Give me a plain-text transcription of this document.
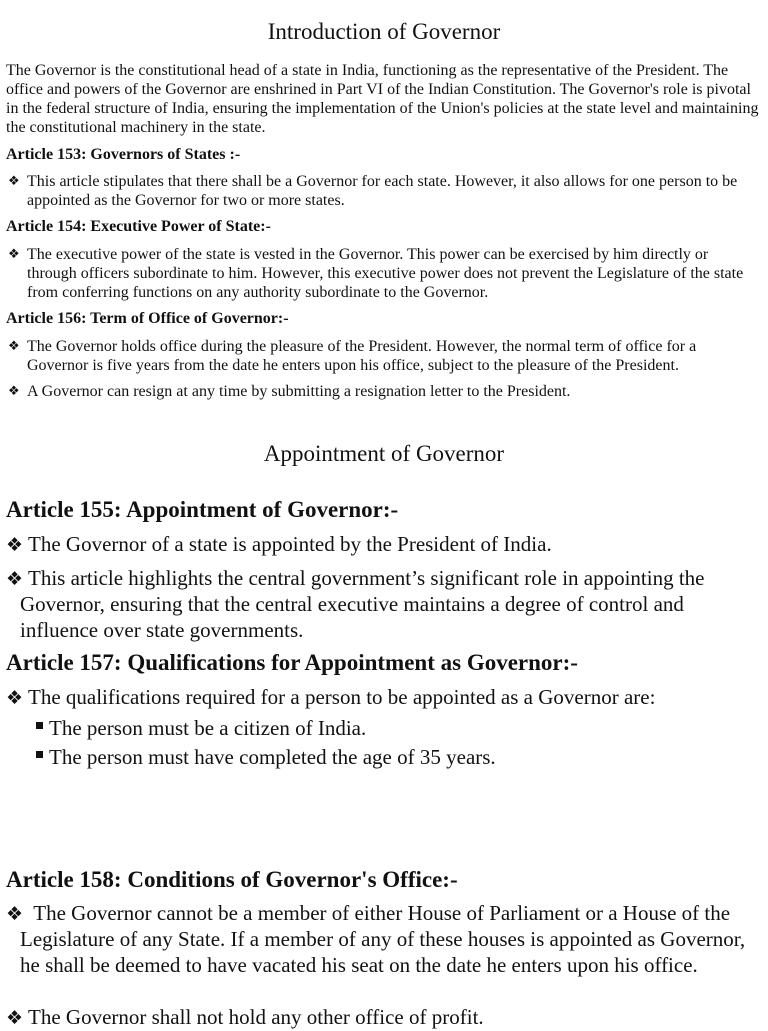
Introduction of Governor

The Governor is the constitutional head of a state in India, functioning as the representative of the President. The office and powers of the Governor are enshrined in Part VI of the Indian Constitution. The Governor's role is pivotal in the federal structure of India, ensuring the implementation of the Union's policies at the state level and maintaining the constitutional machinery in the state.

Article 153: Governors of States :-

❖ This article stipulates that there shall be a Governor for each state. However, it also allows for one person to be appointed as the Governor for two or more states.

Article 154: Executive Power of State:-

❖ The executive power of the state is vested in the Governor. This power can be exercised by him directly or through officers subordinate to him. However, this executive power does not prevent the Legislature of the state from conferring functions on any authority subordinate to the Governor.

Article 156: Term of Office of Governor:-

❖ The Governor holds office during the pleasure of the President. However, the normal term of office for a Governor is five years from the date he enters upon his office, subject to the pleasure of the President.
❖ A Governor can resign at any time by submitting a resignation letter to the President.
Appointment of Governor

Article 155: Appointment of Governor:-

❖ The Governor of a state is appointed by the President of India.
❖ This article highlights the central government’s significant role in appointing the Governor, ensuring that the central executive maintains a degree of control and influence over state governments.

Article 157: Qualifications for Appointment as Governor:-

❖ The qualifications required for a person to be appointed as a Governor are:
The person must be a citizen of India.
The person must have completed the age of 35 years.

Article 158: Conditions of Governor's Office:-

❖ The Governor cannot be a member of either House of Parliament or a House of the Legislature of any State. If a member of any of these houses is appointed as Governor, he shall be deemed to have vacated his seat on the date he enters upon his office.
❖ The Governor shall not hold any other office of profit.
